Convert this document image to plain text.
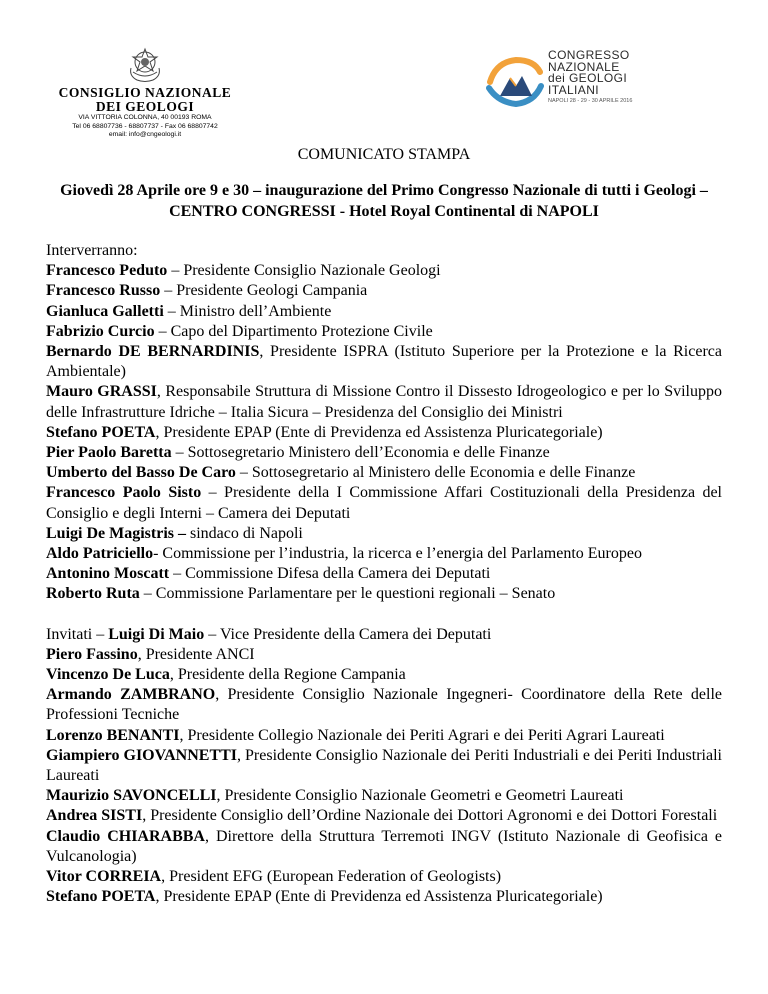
CONSIGLIO NAZIONALE
DEI GEOLOGI
VIA VITTORIA COLONNA, 40 00193 ROMA
Tel 06 68807736 - 68807737 - Fax 06 68807742
email: info@cngeologi.it
CONGRESSO
NAZIONALE
dei GEOLOGI
ITALIANI
NAPOLI 28 - 29 - 30 APRILE 2016
COMUNICATO STAMPA
Giovedì 28 Aprile ore 9 e 30 – inaugurazione del Primo Congresso Nazionale di tutti i Geologi – CENTRO CONGRESSI - Hotel Royal Continental di NAPOLI
Interverranno:
Francesco Peduto – Presidente Consiglio Nazionale Geologi
Francesco Russo – Presidente Geologi Campania
Gianluca Galletti – Ministro dell’Ambiente
Fabrizio Curcio – Capo del Dipartimento Protezione Civile
Bernardo DE BERNARDINIS, Presidente ISPRA (Istituto Superiore per la Protezione e la Ricerca Ambientale)
Mauro GRASSI, Responsabile Struttura di Missione Contro il Dissesto Idrogeologico e per lo Sviluppo delle Infrastrutture Idriche – Italia Sicura – Presidenza del Consiglio dei Ministri
Stefano POETA, Presidente EPAP (Ente di Previdenza ed Assistenza Pluricategoriale)
Pier Paolo Baretta – Sottosegretario Ministero dell’Economia e delle Finanze
Umberto del Basso De Caro – Sottosegretario al Ministero delle Economia e delle Finanze
Francesco Paolo Sisto – Presidente della I Commissione Affari Costituzionali della Presidenza del Consiglio e degli Interni – Camera dei Deputati
Luigi De Magistris – sindaco di Napoli
Aldo Patriciello- Commissione per l’industria, la ricerca e l’energia del Parlamento Europeo
Antonino Moscatt – Commissione Difesa della Camera dei Deputati
Roberto Ruta – Commissione Parlamentare per le questioni regionali – Senato
Invitati – Luigi Di Maio – Vice Presidente della Camera dei Deputati
Piero Fassino, Presidente ANCI
Vincenzo De Luca, Presidente della Regione Campania
Armando ZAMBRANO, Presidente Consiglio Nazionale Ingegneri- Coordinatore della Rete delle Professioni Tecniche
Lorenzo BENANTI, Presidente Collegio Nazionale dei Periti Agrari e dei Periti Agrari Laureati
Giampiero GIOVANNETTI, Presidente Consiglio Nazionale dei Periti Industriali e dei Periti Industriali Laureati
Maurizio SAVONCELLI, Presidente Consiglio Nazionale Geometri e Geometri Laureati
Andrea SISTI, Presidente Consiglio dell’Ordine Nazionale dei Dottori Agronomi e dei Dottori Forestali
Claudio CHIARABBA, Direttore della Struttura Terremoti INGV (Istituto Nazionale di Geofisica e Vulcanologia)
Vitor CORREIA, President EFG (European Federation of Geologists)
Stefano POETA, Presidente EPAP (Ente di Previdenza ed Assistenza Pluricategoriale)
